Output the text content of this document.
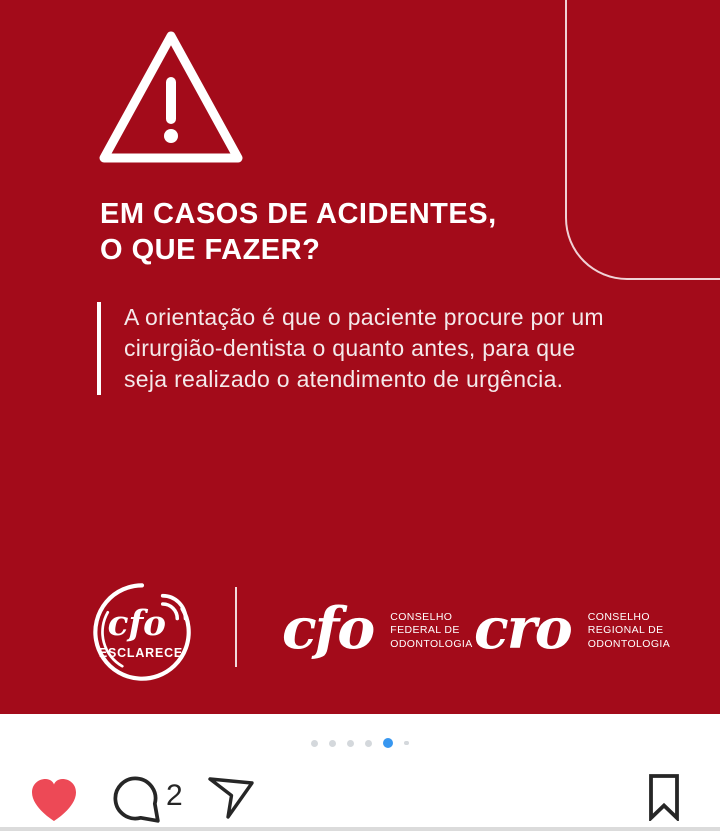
EM CASOS DE ACIDENTES,
O QUE FAZER?
A orientação é que o paciente procure por um
cirurgião-dentista o quanto antes, para que
seja realizado o atendimento de urgência.
cfo
ESCLARECE cfo CONSELHO
FEDERAL DE
ODONTOLOGIA cro CONSELHO
REGIONAL DE
ODONTOLOGIA
2
